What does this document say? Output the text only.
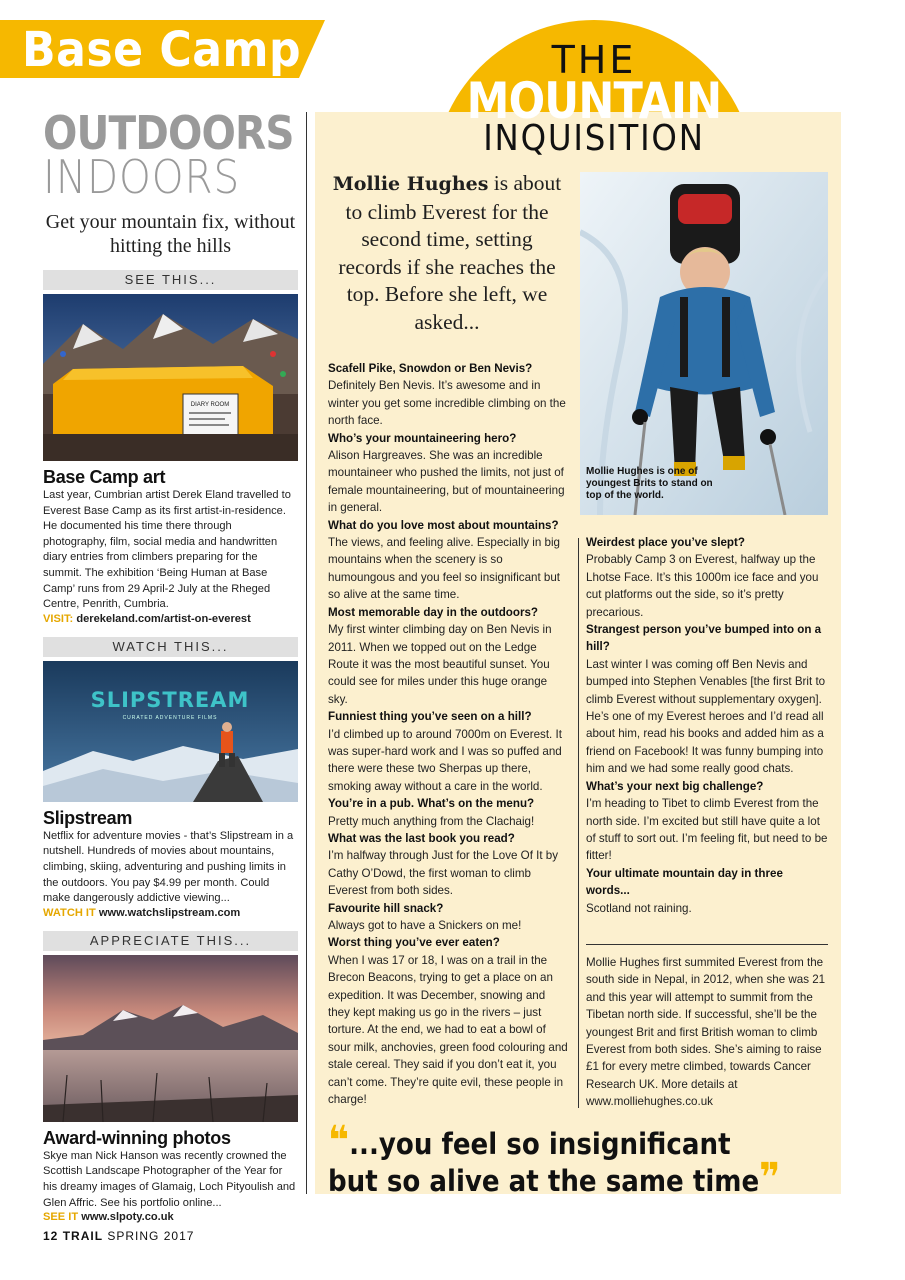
Base Camp
OUTDOORS
INDOORS
Get your mountain fix, without hitting the hills
SEE THIS...
DIARY ROOM
Base Camp art
Last year, Cumbrian artist Derek Eland travelled to Everest Base Camp as its first artist-in-residence. He documented his time there through photography, film, social media and handwritten diary entries from climbers preparing for the summit. The exhibition ‘Being Human at Base Camp’ runs from 29 April-2 July at the Rheged Centre, Penrith, Cumbria.
VISIT: derekeland.com/artist-on-everest
WATCH THIS...
SLIPSTREAM
CURATED ADVENTURE FILMS
Slipstream
Netflix for adventure movies - that’s Slipstream in a nutshell. Hundreds of movies about mountains, climbing, skiing, adventuring and pushing limits in the outdoors. You pay $4.99 per month. Could make dangerously addictive viewing...
WATCH IT www.watchslipstream.com
APPRECIATE THIS...
Award-winning photos
Skye man Nick Hanson was recently crowned the Scottish Landscape Photographer of the Year for his dreamy images of Glamaig, Loch Pityoulish and Glen Affric. See his portfolio online...
SEE IT www.slpoty.co.uk
THE
MOUNTAIN
INQUISITION
Mollie Hughes is about to climb Everest for the second time, setting records if she reaches the top. Before she left, we asked...
Mollie Hughes is one of youngest Brits to stand on top of the world.
Scafell Pike, Snowdon or Ben Nevis?
Definitely Ben Nevis. It’s awesome and in winter you get some incredible climbing on the north face.
Who’s your mountaineering hero?
Alison Hargreaves. She was an incredible mountaineer who pushed the limits, not just of female mountaineering, but of mountaineering in general.
What do you love most about mountains?
The views, and feeling alive. Especially in big mountains when the scenery is so humoungous and you feel so insignificant but so alive at the same time.
Most memorable day in the outdoors?
My first winter climbing day on Ben Nevis in 2011. When we topped out on the Ledge Route it was the most beautiful sunset. You could see for miles under this huge orange sky.
Funniest thing you’ve seen on a hill?
I’d climbed up to around 7000m on Everest. It was super-hard work and I was so puffed and there were these two Sherpas up there, smoking away without a care in the world.
You’re in a pub. What’s on the menu?
Pretty much anything from the Clachaig!
What was the last book you read?
I’m halfway through Just for the Love Of It by Cathy O’Dowd, the first woman to climb Everest from both sides.
Favourite hill snack?
Always got to have a Snickers on me!
Worst thing you’ve ever eaten?
When I was 17 or 18, I was on a trail in the Brecon Beacons, trying to get a place on an expedition. It was December, snowing and they kept making us go in the rivers – just torture. At the end, we had to eat a bowl of sour milk, anchovies, green food colouring and stale cereal. They said if you don’t eat it, you can’t come. They’re quite evil, these people in charge!
Weirdest place you’ve slept?
Probably Camp 3 on Everest, halfway up the Lhotse Face. It’s this 1000m ice face and you cut platforms out the side, so it’s pretty precarious.
Strangest person you’ve bumped into on a hill?
Last winter I was coming off Ben Nevis and bumped into Stephen Venables [the first Brit to climb Everest without supplementary oxygen]. He’s one of my Everest heroes and I’d read all about him, read his books and added him as a friend on Facebook! It was funny bumping into him and we had some really good chats.
What’s your next big challenge?
I’m heading to Tibet to climb Everest from the north side. I’m excited but still have quite a lot of stuff to sort out. I’m feeling fit, but need to be fitter!
Your ultimate mountain day in three words...
Scotland not raining.
Mollie Hughes first summited Everest from the south side in Nepal, in 2012, when she was 21 and this year will attempt to summit from the Tibetan north side. If successful, she’ll be the youngest Brit and first British woman to climb Everest from both sides. She’s aiming to raise £1 for every metre climbed, towards Cancer Research UK. More details at www.molliehughes.co.uk
❝...you feel so insignificant but so alive at the same time❞
12 TRAIL SPRING 2017
